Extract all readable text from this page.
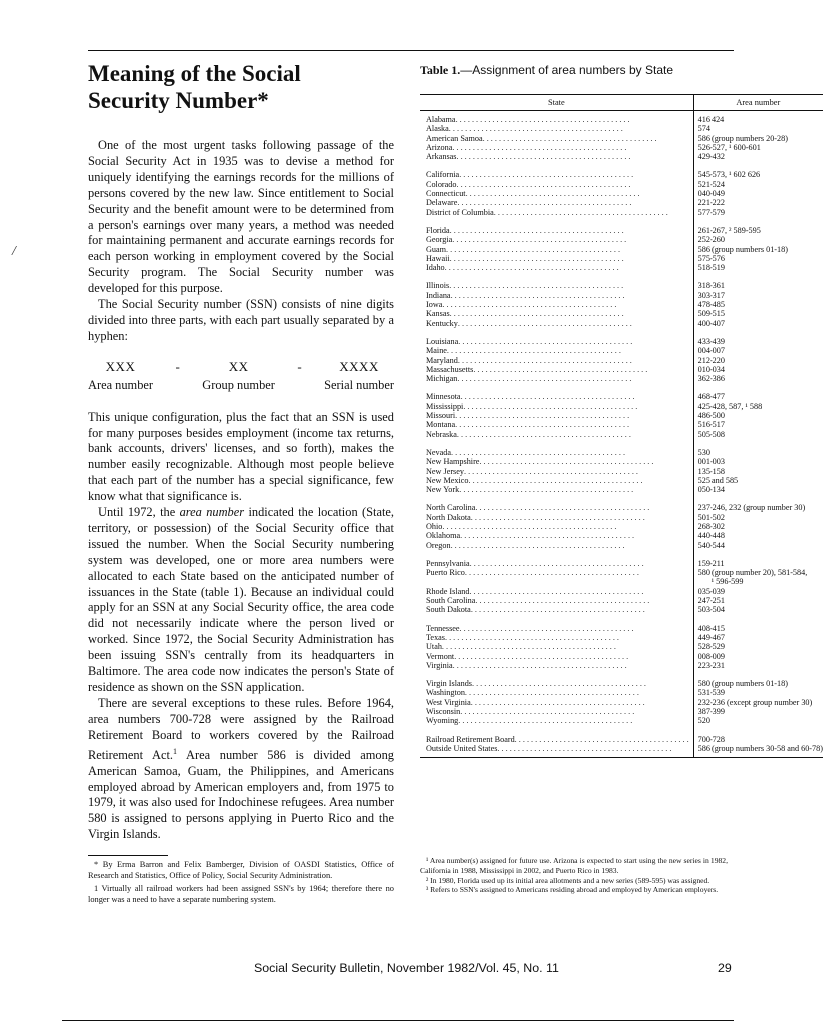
/
Meaning of the Social Security Number*

One of the most urgent tasks following passage of the Social Security Act in 1935 was to devise a method for uniquely identifying the earnings records for the millions of persons covered by the new law. Since entitlement to Social Security and the benefit amount were to be determined from a person's earnings over many years, a method was needed for maintaining permanent and accurate earnings records for each person working in employment covered by the Social Security program. The Social Security number was developed for this purpose.

The Social Security number (SSN) consists of nine digits divided into three parts, with each part usually separated by a hyphen:

XXX
Area number
-	XX
Group number
-	XXXX
Serial number

This unique configuration, plus the fact that an SSN is used for many purposes besides employment (income tax returns, bank accounts, drivers' licenses, and so forth), makes the number easily recognizable. Although most people believe that each part of the number has a special significance, few know what that significance is.

Until 1972, the area number indicated the location (State, territory, or possession) of the Social Security office that issued the number. When the Social Security numbering system was developed, one or more area numbers were allocated to each State based on the anticipated number of issuances in the State (table 1). Because an individual could apply for an SSN at any Social Security office, the area code did not necessarily indicate where the person lived or worked. Since 1972, the Social Security Administration has been issuing SSN's centrally from its headquarters in Baltimore. The area code now indicates the person's State of residence as shown on the SSN application.

There are several exceptions to these rules. Before 1964, area numbers 700-728 were assigned by the Railroad Retirement Board to workers covered by the Railroad Retirement Act.$^1$ Area number 586 is divided among American Samoa, Guam, the Philippines, and Americans employed abroad by American employers and, from 1975 to 1979, it was also used for Indochinese refugees. Area number 580 is assigned to persons applying in Puerto Rico and the Virgin Islands.

* By Erma Barron and Felix Bamberger, Division of OASDI Statistics, Office of Research and Statistics, Office of Policy, Social Security Administration.

1 Virtually all railroad workers had been assigned SSN's by 1964; therefore there no longer was a need to have a separate numbering system.

Table 1.—Assignment of area numbers by State
State	Area number

Alabama
. . .	416 424

Alaska
. . .	574

American Samoa
. . .	586 (group numbers 20-28)

Arizona
. . .	526-527, ¹ 600-601

Arkansas
. . .	429-432

California
. . .	545-573, ¹ 602 626

Colorado
. . .	521-524

Connecticut
. . .	040-049

Delaware
. . .	221-222

District of Columbia
. . .	577-579

Florida
. . .	261-267, ² 589-595

Georgia
. . .	252-260

Guam
. . .	586 (group numbers 01-18)

Hawaii
. . .	575-576

Idaho
. . .	518-519

Illinois
. . .	318-361

Indiana
. . .	303-317

Iowa
. . .	478-485

Kansas
. . .	509-515

Kentucky
. . .	400-407

Louisiana
. . .	433-439

Maine
. . .	004-007

Maryland
. . .	212-220

Massachusetts
. . .	010-034

Michigan
. . .	362-386

Minnesota
. . .	468-477

Mississippi
. . .	425-428, 587, ¹ 588

Missouri
. . .	486-500

Montana
. . .	516-517

Nebraska
. . .	505-508

Nevada
. . .	530

New Hampshire
. . .	001-003

New Jersey
. . .	135-158

New Mexico
. . .	525 and 585

New York
. . .	050-134

North Carolina
. . .	237-246, 232 (group number 30)

North Dakota
. . .	501-502

Ohio
. . .	268-302

Oklahoma
. . .	440-448

Oregon
. . .	540-544

Pennsylvania
. . .	159-211

Puerto Rico
. . .	580 (group number 20), 581-584,
	¹ 596-599

Rhode Island
. . .	035-039

South Carolina
. . .	247-251

South Dakota
. . .	503-504

Tennessee
. . .	408-415

Texas
. . .	449-467

Utah
. . .	528-529

Vermont
. . .	008-009

Virginia
. . .	223-231

Virgin Islands
. . .	580 (group numbers 01-18)

Washington
. . .	531-539

West Virginia
. . .	232-236 (except group number 30)

Wisconsin
. . .	387-399

Wyoming
. . .	520

Railroad Retirement Board
. . .	700-728

Outside United States
. . .	586 (group numbers 30-58 and 60-78)

¹ Area number(s) assigned for future use. Arizona is expected to start using the new series in 1982, California in 1988, Mississippi in 2002, and Puerto Rico in 1983.

² In 1980, Florida used up its initial area allotments and a new series (589-595) was assigned.

³ Refers to SSN's assigned to Americans residing abroad and employed by American employers.

Social Security Bulletin, November 1982/Vol. 45, No. 11	29
